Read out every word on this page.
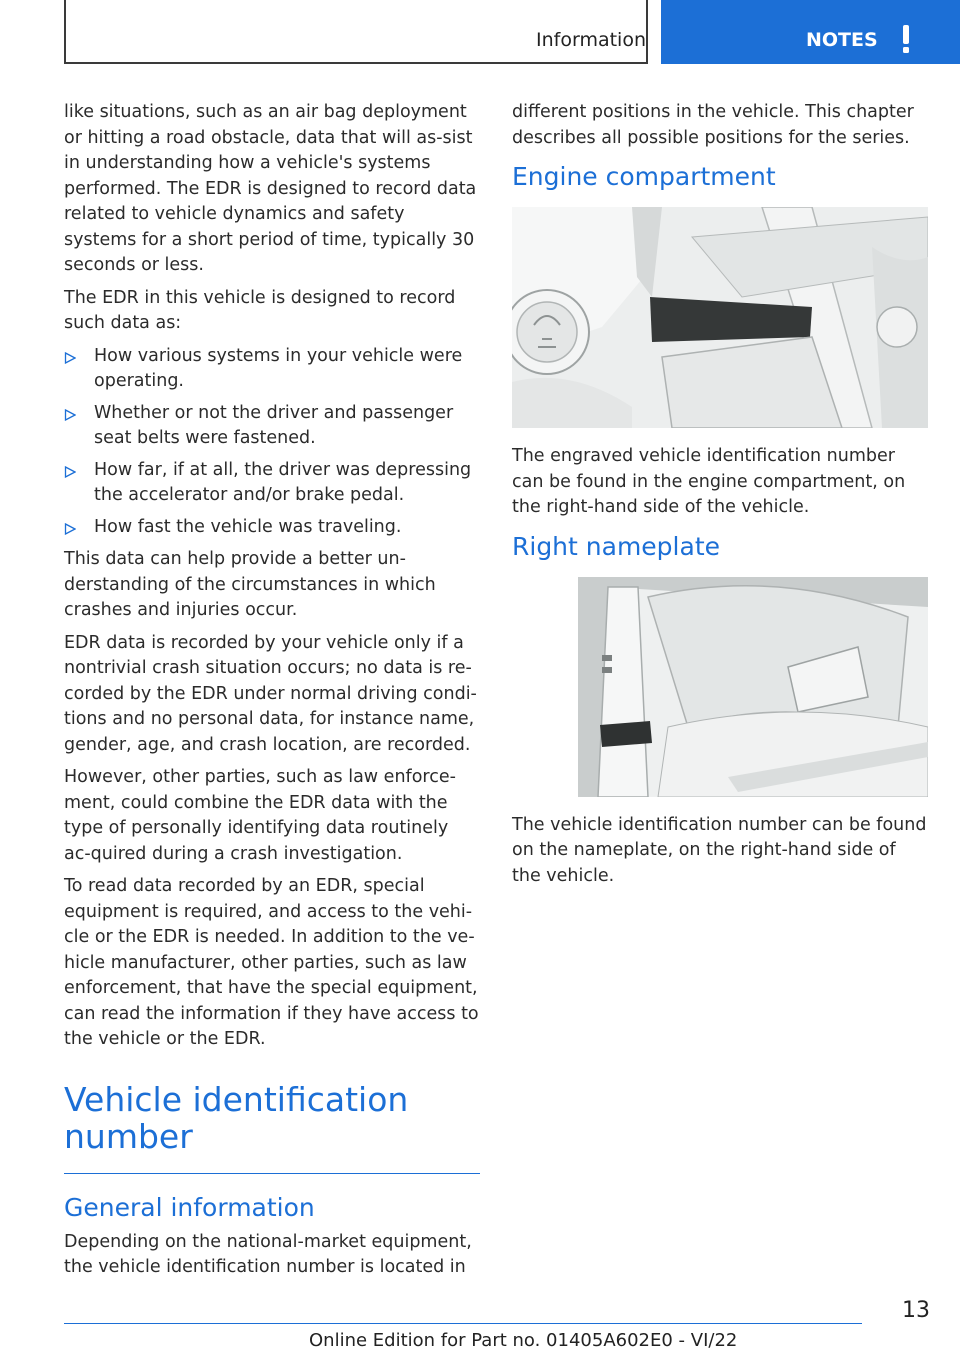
Information	NOTES

like situations, such as an air bag deployment or hitting a road obstacle, data that will as-sist in understanding how a vehicle's systems performed. The EDR is designed to record data related to vehicle dynamics and safety systems for a short period of time, typically 30 seconds or less.

The EDR in this vehicle is designed to record such data as:

How various systems in your vehicle were operating.
Whether or not the driver and passenger seat belts were fastened.
How far, if at all, the driver was depressing the accelerator and/or brake pedal.
How fast the vehicle was traveling.

This data can help provide a better un-derstanding of the circumstances in which crashes and injuries occur.

EDR data is recorded by your vehicle only if a nontrivial crash situation occurs; no data is re-corded by the EDR under normal driving condi-tions and no personal data, for instance name, gender, age, and crash location, are recorded.

However, other parties, such as law enforce-ment, could combine the EDR data with the type of personally identifying data routinely ac-quired during a crash investigation.

To read data recorded by an EDR, special equipment is required, and access to the vehi-cle or the EDR is needed. In addition to the ve-hicle manufacturer, other parties, such as law enforcement, that have the special equipment, can read the information if they have access to the vehicle or the EDR.

Vehicle identification number
General information

Depending on the national-market equipment, the vehicle identification number is located in

different positions in the vehicle. This chapter describes all possible positions for the series.

Engine compartment

The engraved vehicle identification number can be found in the engine compartment, on the right-hand side of the vehicle.

Right nameplate

The vehicle identification number can be found on the nameplate, on the right-hand side of the vehicle.

13
Online Edition for Part no. 01405A602E0 - VI/22
